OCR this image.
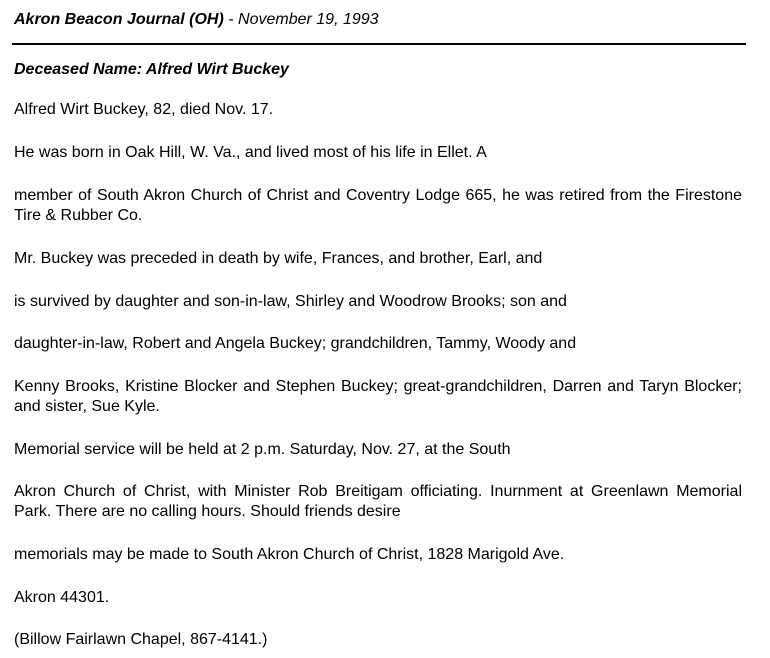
Akron Beacon Journal (OH) - November 19, 1993
Deceased Name: Alfred Wirt Buckey
Alfred Wirt Buckey, 82, died Nov. 17.
He was born in Oak Hill, W. Va., and lived most of his life in Ellet. A
member of South Akron Church of Christ and Coventry Lodge 665, he was retired from the Firestone Tire & Rubber Co.
Mr. Buckey was preceded in death by wife, Frances, and brother, Earl, and
is survived by daughter and son-in-law, Shirley and Woodrow Brooks; son and
daughter-in-law, Robert and Angela Buckey; grandchildren, Tammy, Woody and
Kenny Brooks, Kristine Blocker and Stephen Buckey; great-grandchildren, Darren and Taryn Blocker; and sister, Sue Kyle.
Memorial service will be held at 2 p.m. Saturday, Nov. 27, at the South
Akron Church of Christ, with Minister Rob Breitigam officiating. Inurnment at Greenlawn Memorial Park. There are no calling hours. Should friends desire
memorials may be made to South Akron Church of Christ, 1828 Marigold Ave.
Akron 44301.
(Billow Fairlawn Chapel, 867-4141.)
